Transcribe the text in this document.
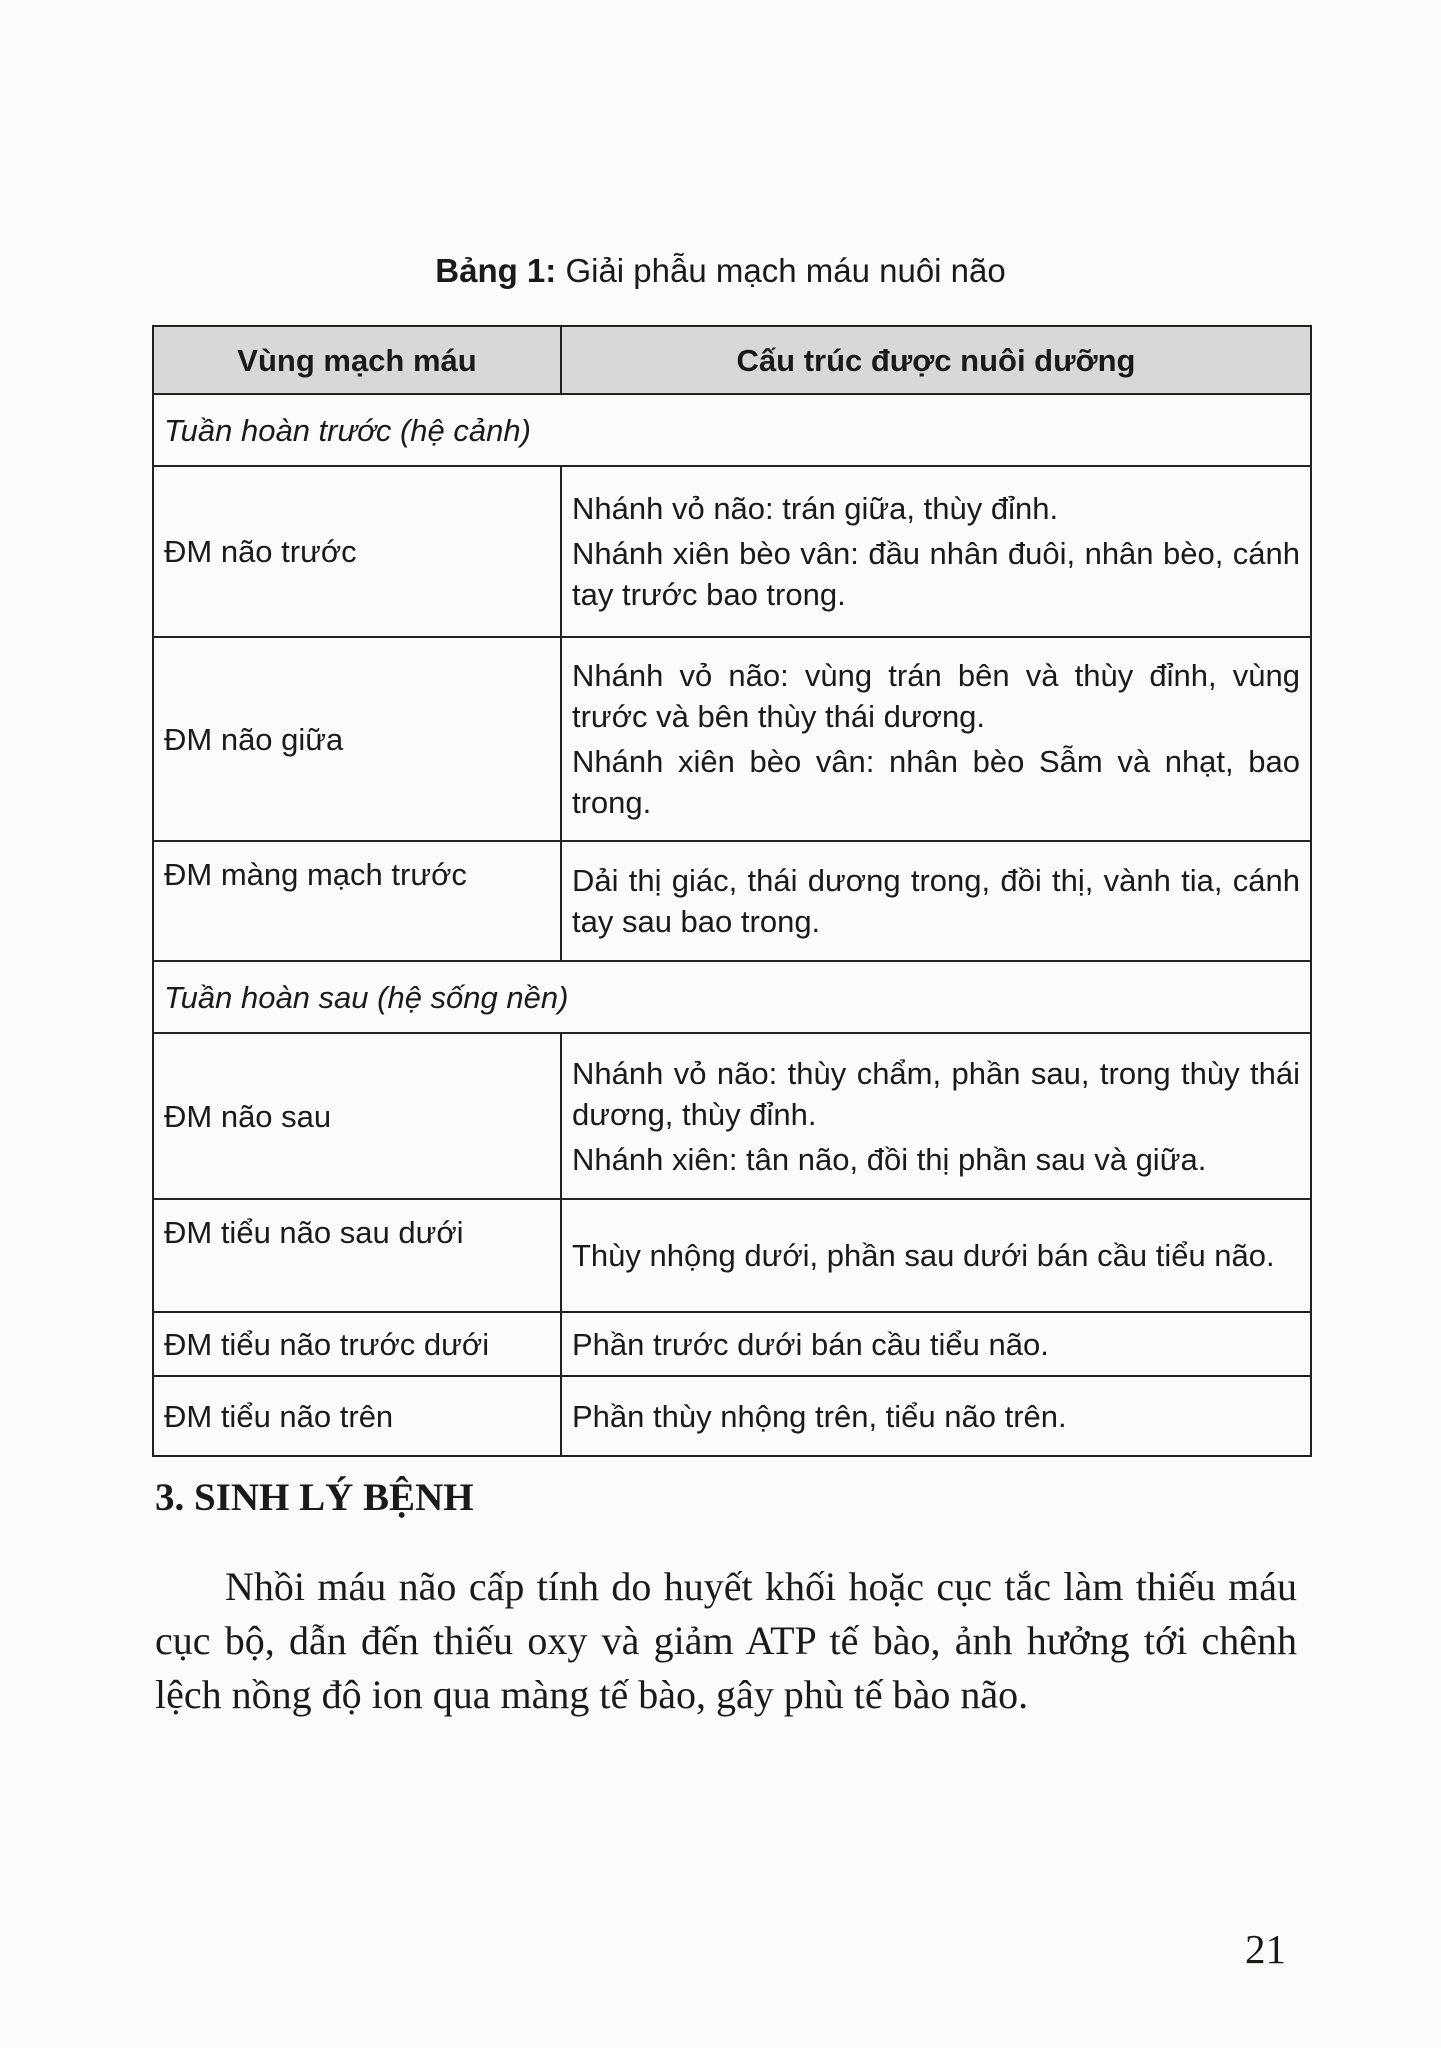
Bảng 1: Giải phẫu mạch máu nuôi não
Vùng mạch máu	Cấu trúc được nuôi dưỡng
Tuần hoàn trước (hệ cảnh)	
ĐM não trước	Nhánh vỏ não: trán giữa, thùy đỉnh.

Nhánh xiên bèo vân: đầu nhân đuôi, nhân bèo, cánh tay trước bao trong.

ĐM não giữa	Nhánh vỏ não: vùng trán bên và thùy đỉnh, vùng trước và bên thùy thái dương.

Nhánh xiên bèo vân: nhân bèo Sẫm và nhạt, bao trong.

ĐM màng mạch trước	Dải thị giác, thái dương trong, đồi thị, vành tia, cánh tay sau bao trong.

Tuần hoàn sau (hệ sống nền)	
ĐM não sau	Nhánh vỏ não: thùy chẩm, phần sau, trong thùy thái dương, thùy đỉnh.

Nhánh xiên: tân não, đồi thị phần sau và giữa.

ĐM tiểu não sau dưới	Thùy nhộng dưới, phần sau dưới bán cầu tiểu não.

ĐM tiểu não trước dưới	Phần trước dưới bán cầu tiểu não.

ĐM tiểu não trên	Phần thùy nhộng trên, tiểu não trên.

3. SINH LÝ BỆNH

Nhồi máu não cấp tính do huyết khối hoặc cục tắc làm thiếu máu cục bộ, dẫn đến thiếu oxy và giảm ATP tế bào, ảnh hưởng tới chênh lệch nồng độ ion qua màng tế bào, gây phù tế bào não.

21
